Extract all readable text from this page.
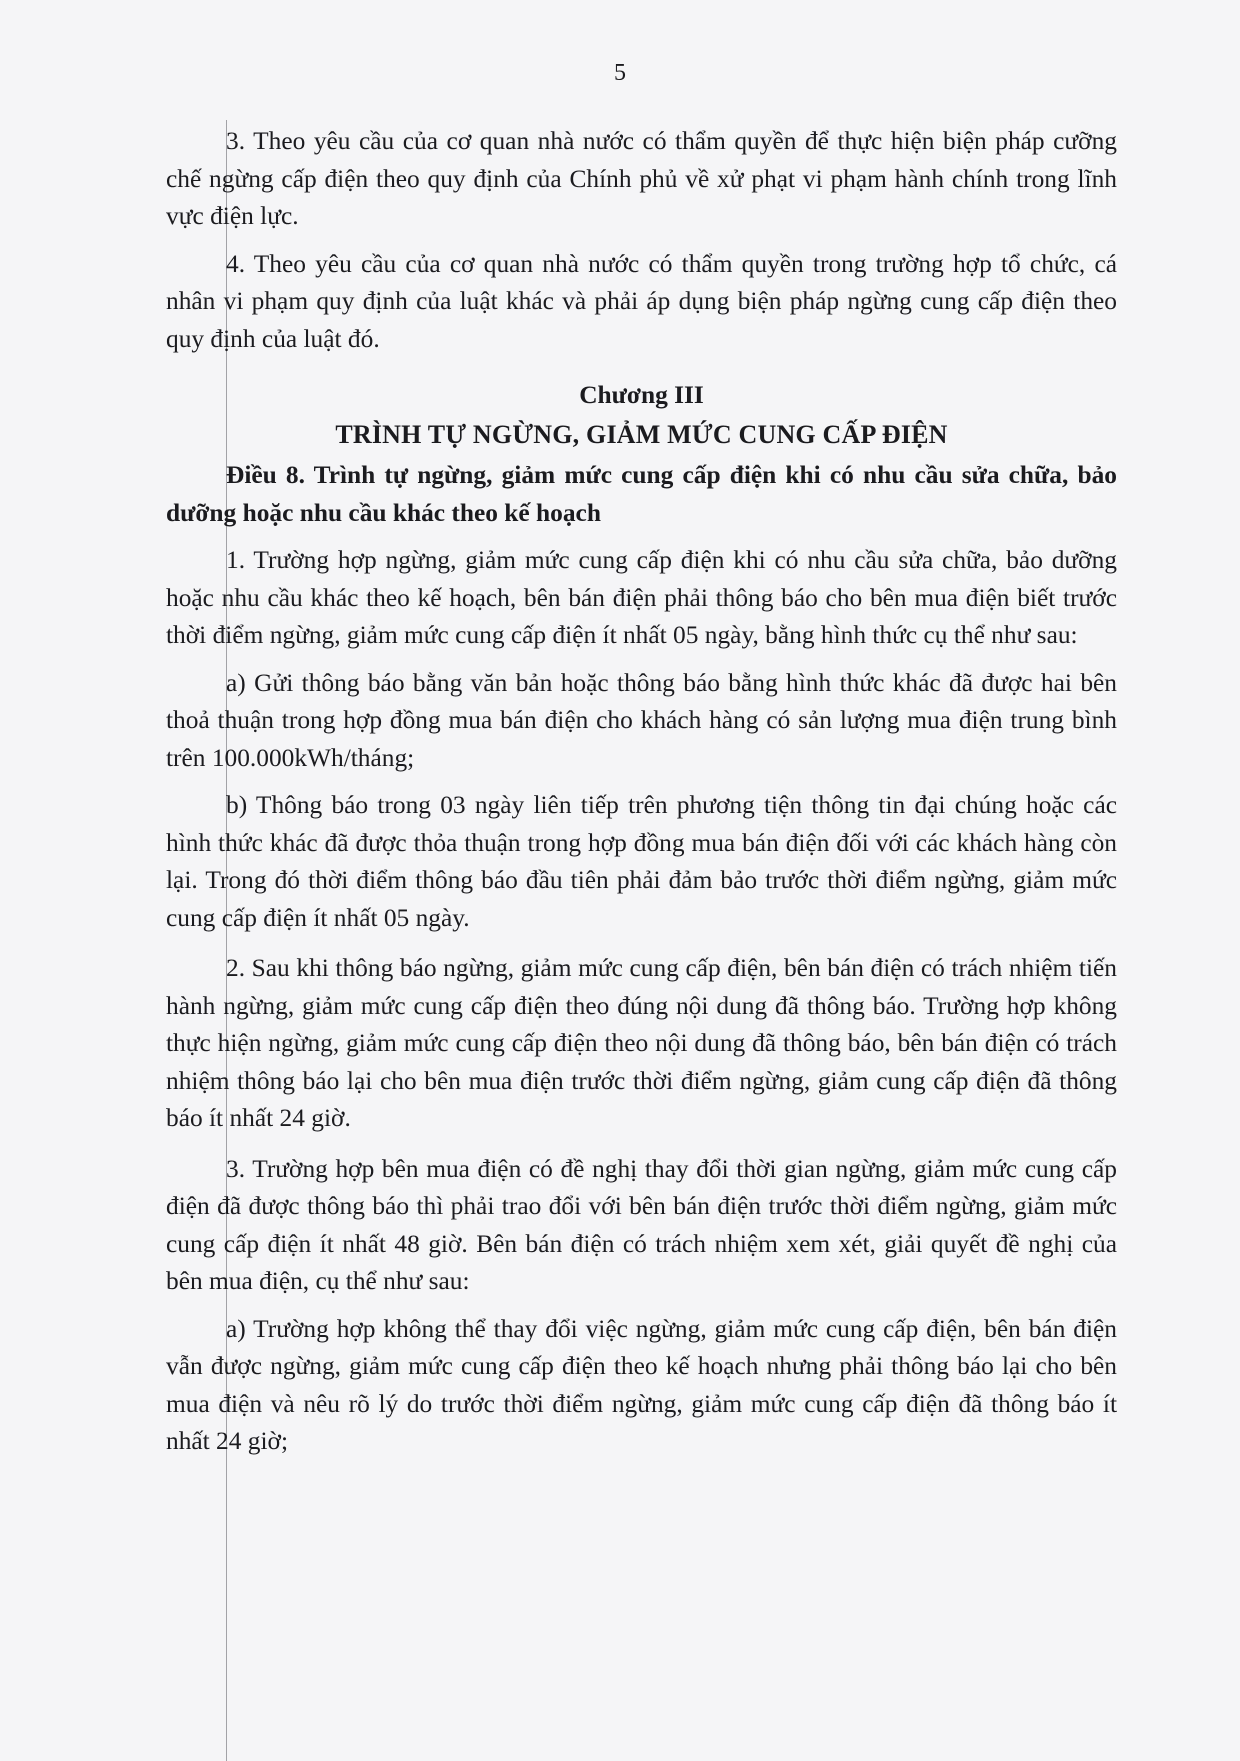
5

3. Theo yêu cầu của cơ quan nhà nước có thẩm quyền để thực hiện biện pháp cưỡng chế ngừng cấp điện theo quy định của Chính phủ về xử phạt vi phạm hành chính trong lĩnh vực điện lực.

4. Theo yêu cầu của cơ quan nhà nước có thẩm quyền trong trường hợp tổ chức, cá nhân vi phạm quy định của luật khác và phải áp dụng biện pháp ngừng cung cấp điện theo quy định của luật đó.

Chương III
TRÌNH TỰ NGỪNG, GIẢM MỨC CUNG CẤP ĐIỆN

Điều 8. Trình tự ngừng, giảm mức cung cấp điện khi có nhu cầu sửa chữa, bảo dưỡng hoặc nhu cầu khác theo kế hoạch

1. Trường hợp ngừng, giảm mức cung cấp điện khi có nhu cầu sửa chữa, bảo dưỡng hoặc nhu cầu khác theo kế hoạch, bên bán điện phải thông báo cho bên mua điện biết trước thời điểm ngừng, giảm mức cung cấp điện ít nhất 05 ngày, bằng hình thức cụ thể như sau:

a) Gửi thông báo bằng văn bản hoặc thông báo bằng hình thức khác đã được hai bên thoả thuận trong hợp đồng mua bán điện cho khách hàng có sản lượng mua điện trung bình trên 100.000kWh/tháng;

b) Thông báo trong 03 ngày liên tiếp trên phương tiện thông tin đại chúng hoặc các hình thức khác đã được thỏa thuận trong hợp đồng mua bán điện đối với các khách hàng còn lại. Trong đó thời điểm thông báo đầu tiên phải đảm bảo trước thời điểm ngừng, giảm mức cung cấp điện ít nhất 05 ngày.

2. Sau khi thông báo ngừng, giảm mức cung cấp điện, bên bán điện có trách nhiệm tiến hành ngừng, giảm mức cung cấp điện theo đúng nội dung đã thông báo. Trường hợp không thực hiện ngừng, giảm mức cung cấp điện theo nội dung đã thông báo, bên bán điện có trách nhiệm thông báo lại cho bên mua điện trước thời điểm ngừng, giảm cung cấp điện đã thông báo ít nhất 24 giờ.

3. Trường hợp bên mua điện có đề nghị thay đổi thời gian ngừng, giảm mức cung cấp điện đã được thông báo thì phải trao đổi với bên bán điện trước thời điểm ngừng, giảm mức cung cấp điện ít nhất 48 giờ. Bên bán điện có trách nhiệm xem xét, giải quyết đề nghị của bên mua điện, cụ thể như sau:

a) Trường hợp không thể thay đổi việc ngừng, giảm mức cung cấp điện, bên bán điện vẫn được ngừng, giảm mức cung cấp điện theo kế hoạch nhưng phải thông báo lại cho bên mua điện và nêu rõ lý do trước thời điểm ngừng, giảm mức cung cấp điện đã thông báo ít nhất 24 giờ;
